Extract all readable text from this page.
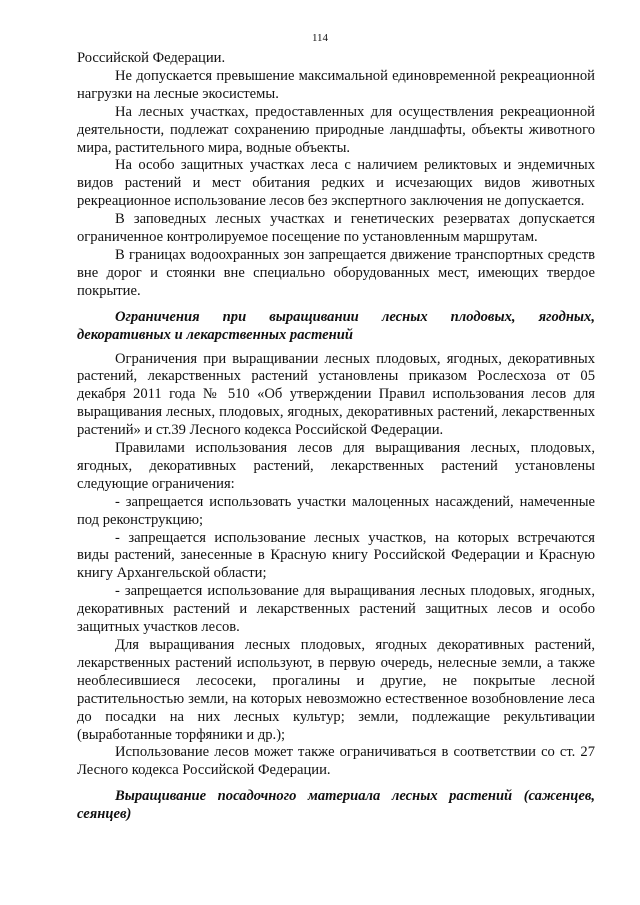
114

Российской Федерации.

Не допускается превышение максимальной единовременной рекреационной нагрузки на лесные экосистемы.

На лесных участках, предоставленных для осуществления рекреационной деятельности, подлежат сохранению природные ландшафты, объекты животного мира, растительного мира, водные объекты.

На особо защитных участках леса с наличием реликтовых и эндемичных видов растений и мест обитания редких и исчезающих видов животных рекреационное использование лесов без экспертного заключения не допускается.

В заповедных лесных участках и генетических резерватах допускается ограниченное контролируемое посещение по установленным маршрутам.

В границах водоохранных зон запрещается движение транспортных средств вне дорог и стоянки вне специально оборудованных мест, имеющих твердое покрытие.

Ограничения при выращивании лесных плодовых, ягодных, декоративных и лекарственных растений

Ограничения при выращивании лесных плодовых, ягодных, декоративных растений, лекарственных растений установлены приказом Рослесхоза от 05 декабря 2011 года № 510 «Об утверждении Правил использования лесов для выращивания лесных, плодовых, ягодных, декоративных растений, лекарственных растений» и ст.39 Лесного кодекса Российской Федерации.

Правилами использования лесов для выращивания лесных, плодовых, ягодных, декоративных растений, лекарственных растений установлены следующие ограничения:

- запрещается использовать участки малоценных насаждений, намеченные под реконструкцию;

- запрещается использование лесных участков, на которых встречаются виды растений, занесенные в Красную книгу Российской Федерации и Красную книгу Архангельской области;

- запрещается использование для выращивания лесных плодовых, ягодных, декоративных растений и лекарственных растений защитных лесов и особо защитных участков лесов.

Для выращивания лесных плодовых, ягодных декоративных растений, лекарственных растений используют, в первую очередь, нелесные земли, а также необлесившиеся лесосеки, прогалины и другие, не покрытые лесной растительностью земли, на которых невозможно естественное возобновление леса до посадки на них лесных культур; земли, подлежащие рекультивации (выработанные торфяники и др.);

Использование лесов может также ограничиваться в соответствии со ст. 27 Лесного кодекса Российской Федерации.

Выращивание посадочного материала лесных растений (саженцев, сеянцев)
